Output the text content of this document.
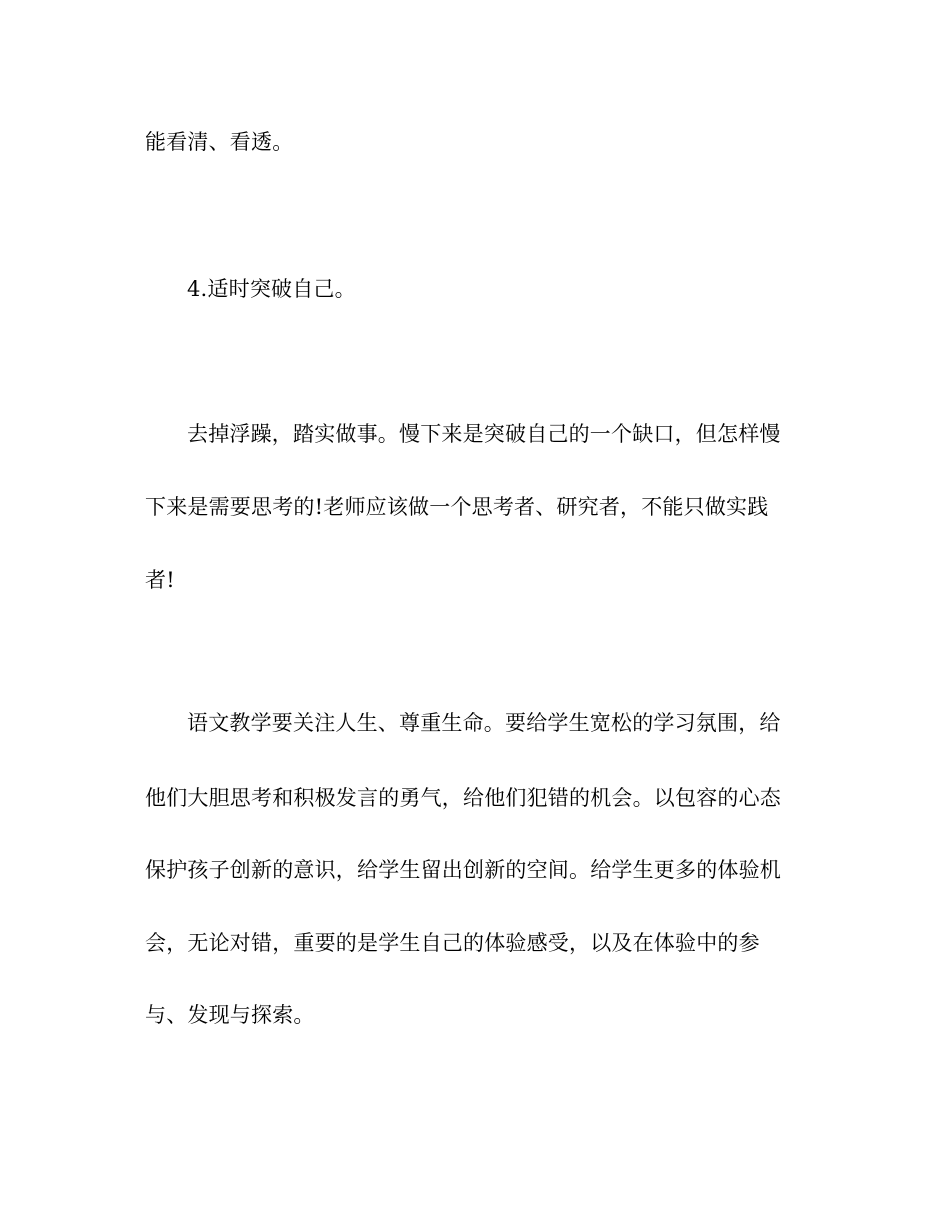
能看清、看透。
4.适时突破自己。
去掉浮躁，踏实做事。慢下来是突破自己的一个缺口，但怎样慢
下来是需要思考的!老师应该做一个思考者、研究者，不能只做实践
者!
语文教学要关注人生、尊重生命。要给学生宽松的学习氛围，给
他们大胆思考和积极发言的勇气，给他们犯错的机会。以包容的心态
保护孩子创新的意识，给学生留出创新的空间。给学生更多的体验机
会，无论对错，重要的是学生自己的体验感受，以及在体验中的参
与、发现与探索。
